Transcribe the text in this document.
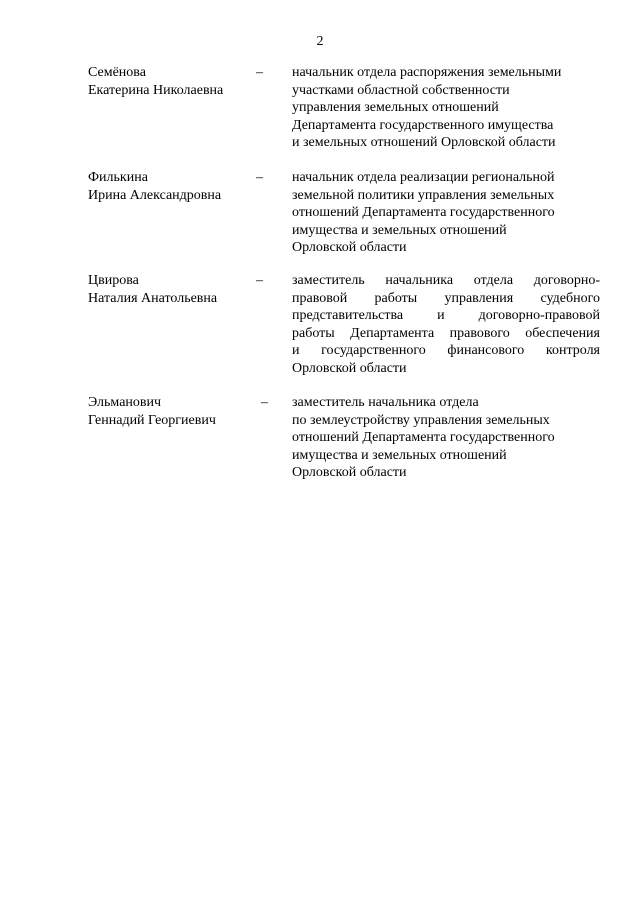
2
Семёнова
Екатерина Николаевна
– начальник отдела распоряжения земельными
участками областной собственности
управления земельных отношений
Департамента государственного имущества
и земельных отношений Орловской области
Филькина
Ирина Александровна
– начальник отдела реализации региональной
земельной политики управления земельных
отношений Департамента государственного
имущества и земельных отношений
Орловской области
Цвирова
Наталия Анатольевна
– заместитель начальника отдела договорно-
правовой работы управления судебного
представительства и договорно-правовой
работы Департамента правового обеспечения
и государственного финансового контроля
Орловской области
Эльманович
Геннадий Георгиевич
– заместитель начальника отдела
по землеустройству управления земельных
отношений Департамента государственного
имущества и земельных отношений
Орловской области
